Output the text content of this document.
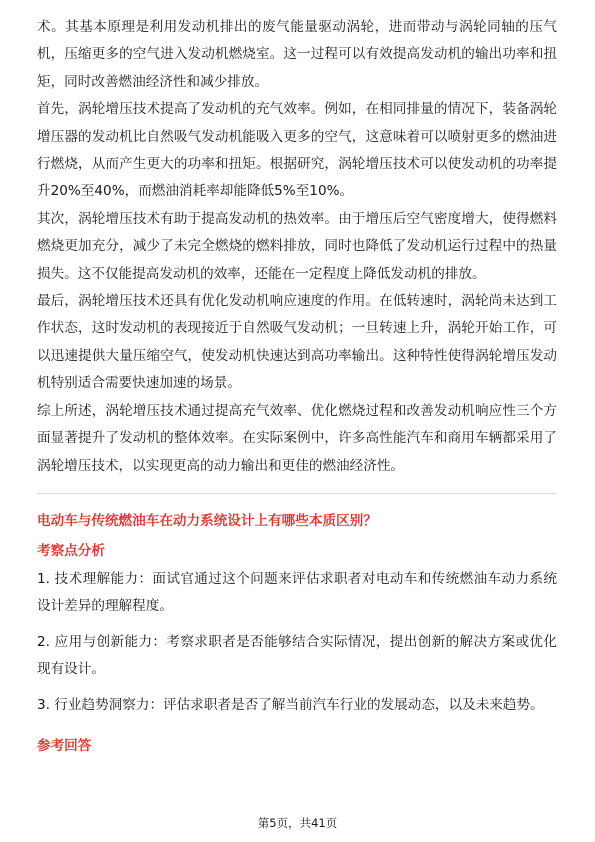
术。其基本原理是利用发动机排出的废气能量驱动涡轮，进而带动与涡轮同轴的压气机，压缩更多的空气进入发动机燃烧室。这一过程可以有效提高发动机的输出功率和扭矩，同时改善燃油经济性和减少排放。

首先，涡轮增压技术提高了发动机的充气效率。例如，在相同排量的情况下，装备涡轮增压器的发动机比自然吸气发动机能吸入更多的空气，这意味着可以喷射更多的燃油进行燃烧，从而产生更大的功率和扭矩。根据研究，涡轮增压技术可以使发动机的功率提升20%至40%，而燃油消耗率却能降低5%至10%。

其次，涡轮增压技术有助于提高发动机的热效率。由于增压后空气密度增大，使得燃料燃烧更加充分，减少了未完全燃烧的燃料排放，同时也降低了发动机运行过程中的热量损失。这不仅能提高发动机的效率，还能在一定程度上降低发动机的排放。

最后，涡轮增压技术还具有优化发动机响应速度的作用。在低转速时，涡轮尚未达到工作状态，这时发动机的表现接近于自然吸气发动机；一旦转速上升，涡轮开始工作，可以迅速提供大量压缩空气，使发动机快速达到高功率输出。这种特性使得涡轮增压发动机特别适合需要快速加速的场景。

综上所述，涡轮增压技术通过提高充气效率、优化燃烧过程和改善发动机响应性三个方面显著提升了发动机的整体效率。在实际案例中，许多高性能汽车和商用车辆都采用了涡轮增压技术，以实现更高的动力输出和更佳的燃油经济性。

电动车与传统燃油车在动力系统设计上有哪些本质区别？

考察点分析

1. 技术理解能力：面试官通过这个问题来评估求职者对电动车和传统燃油车动力系统设计差异的理解程度。

2. 应用与创新能力：考察求职者是否能够结合实际情况，提出创新的解决方案或优化现有设计。

3. 行业趋势洞察力：评估求职者是否了解当前汽车行业的发展动态，以及未来趋势。

参考回答

第5页，共41页
